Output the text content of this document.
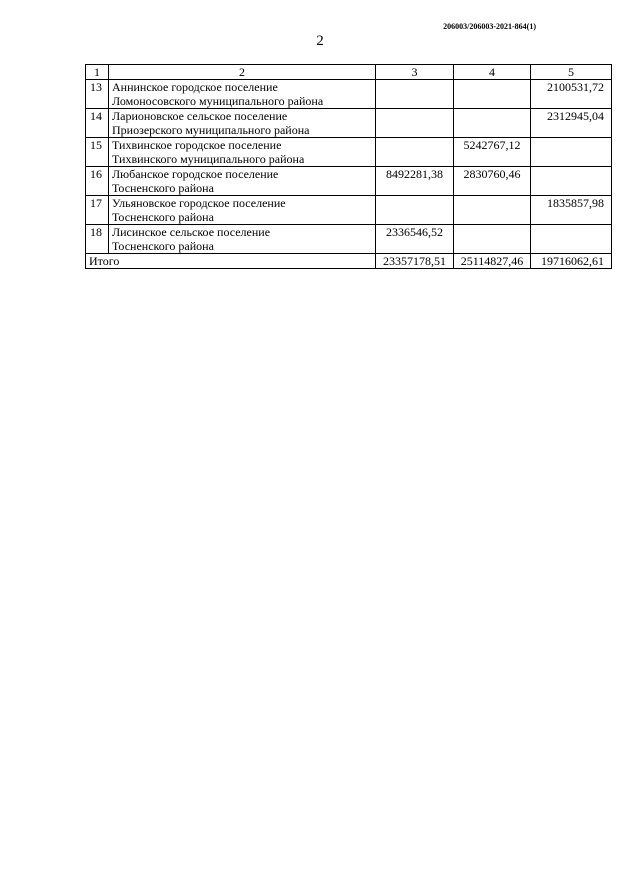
206003/206003-2021-864(1)
2
1	2	3	4	5
13	Аннинское городское поселение
Ломоносовского муниципального района			2100531,72
14	Ларионовское сельское поселение
Приозерского муниципального района			2312945,04
15	Тихвинское городское поселение
Тихвинского муниципального района		5242767,12	
16	Любанское городское поселение
Тосненского района	8492281,38	2830760,46	
17	Ульяновское городское поселение
Тосненского района			1835857,98
18	Лисинское сельское поселение
Тосненского района	2336546,52		
Итого		23357178,51	25114827,46	19716062,61
